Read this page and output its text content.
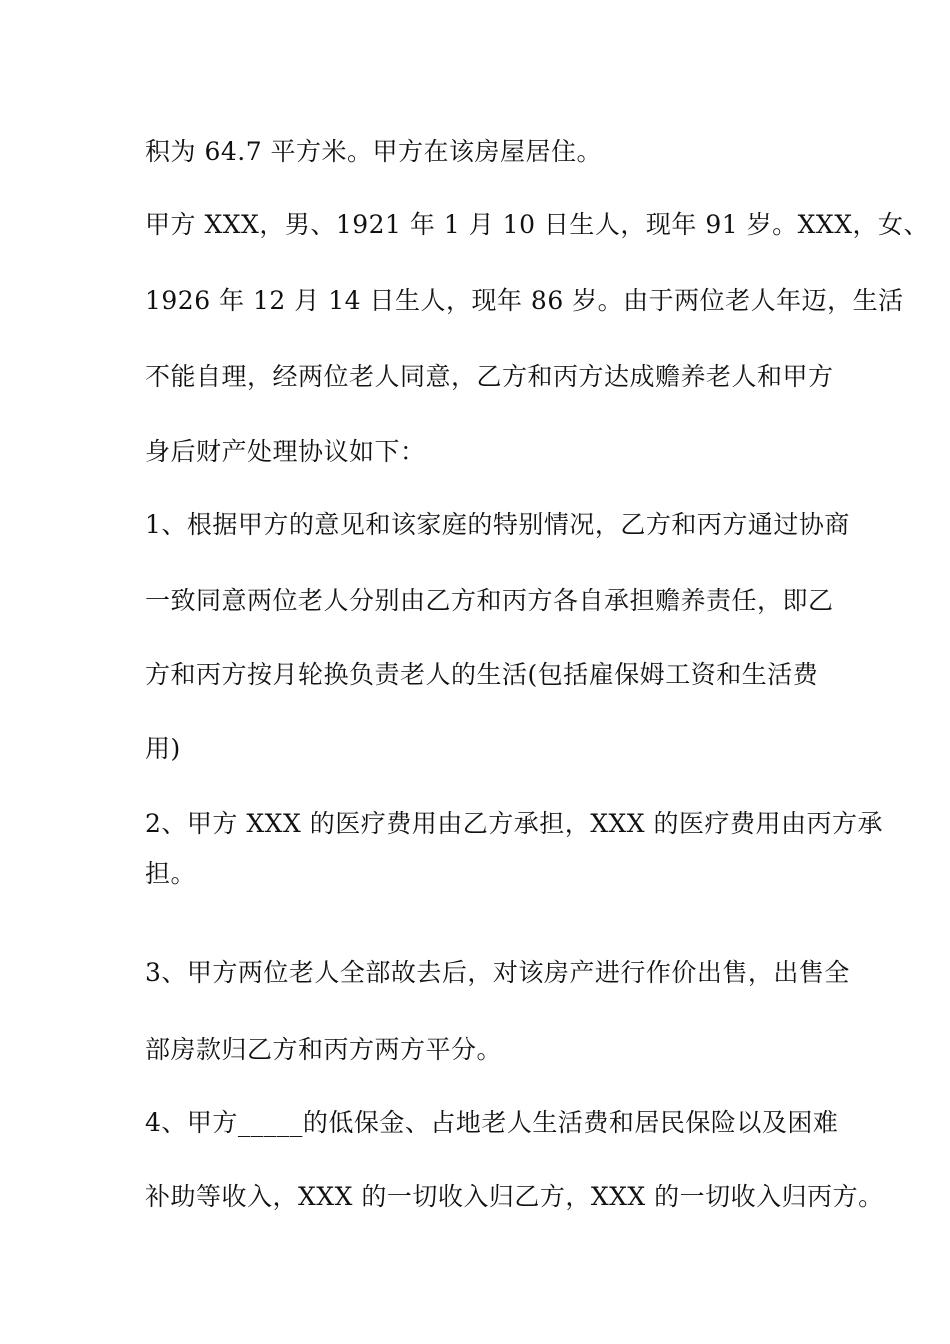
积为 64.7 平方米。甲方在该房屋居住。
甲方 XXX，男、1921 年 1 月 10 日生人，现年 91 岁。XXX，女、
1926 年 12 月 14 日生人，现年 86 岁。由于两位老人年迈，生活
不能自理，经两位老人同意，乙方和丙方达成赡养老人和甲方
身后财产处理协议如下：
1、根据甲方的意见和该家庭的特别情况，乙方和丙方通过协商
一致同意两位老人分别由乙方和丙方各自承担赡养责任，即乙
方和丙方按月轮换负责老人的生活(包括雇保姆工资和生活费
用)
2、甲方 XXX 的医疗费用由乙方承担，XXX 的医疗费用由丙方承
担。
3、甲方两位老人全部故去后，对该房产进行作价出售，出售全
部房款归乙方和丙方两方平分。
4、甲方_____的低保金、占地老人生活费和居民保险以及困难
补助等收入，XXX 的一切收入归乙方，XXX 的一切收入归丙方。
